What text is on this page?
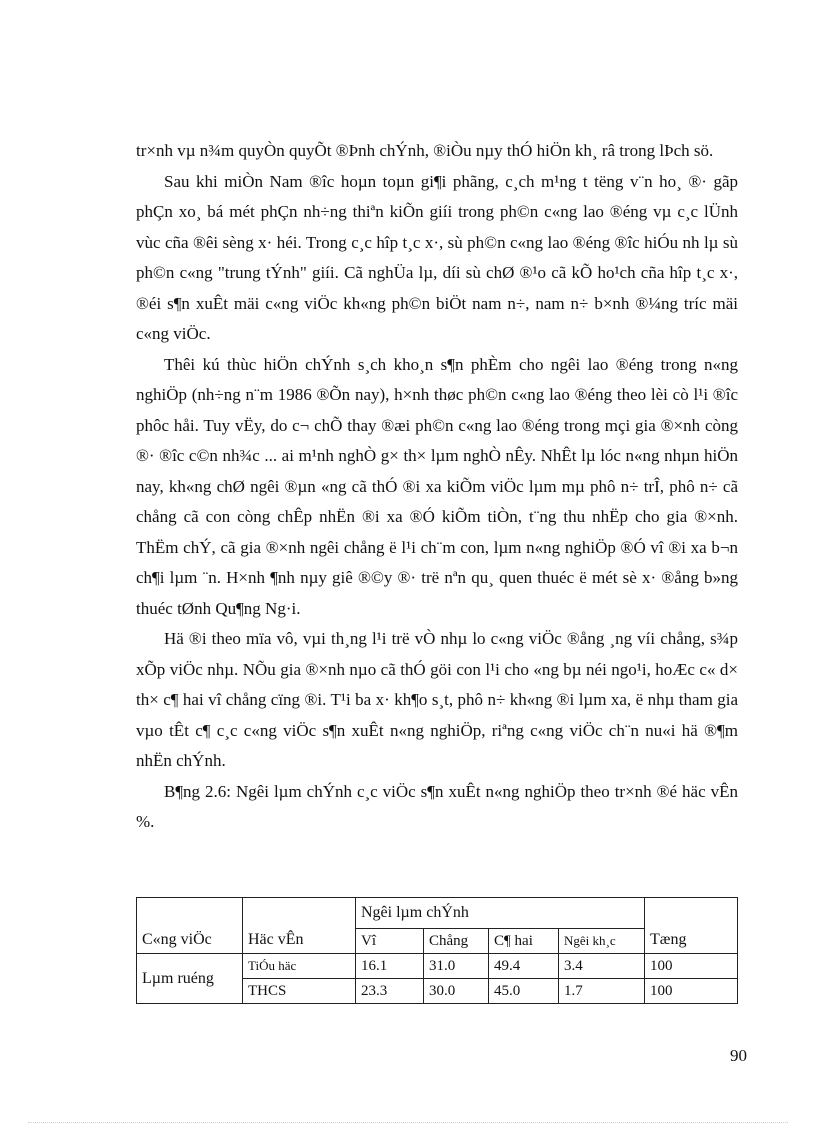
tr×nh vµ n¾m quyÒn quyÕt ®Þnh chÝnh, ®iÒu nµy thÓ hiÖn kh¸ râ trong lÞch sö.

Sau khi miÒn Nam ®îc hoµn toµn gi¶i phãng, c¸ch m¹ng t tëng v¨n ho¸ ®· gãp phÇn xo¸ bá mét phÇn nh÷ng thiªn kiÕn giíi trong ph©n c«ng lao ®éng vµ c¸c lÜnh vùc cña ®êi sèng x· héi. Trong c¸c hîp t¸c x·, sù ph©n c«ng lao ®éng ®îc hiÓu nh lµ sù ph©n c«ng "trung tÝnh" giíi. Cã nghÜa lµ, díi sù chØ ®¹o cã kÕ ho¹ch cña hîp t¸c x·, ®éi s¶n xuÊt mäi c«ng viÖc kh«ng ph©n biÖt nam n÷, nam n÷ b×nh ®¼ng tríc mäi c«ng viÖc.

Thêi kú thùc hiÖn chÝnh s¸ch kho¸n s¶n phÈm cho ngêi lao ®éng trong n«ng nghiÖp (nh÷ng n¨m 1986 ®Õn nay), h×nh thøc ph©n c«ng lao ®éng theo lèi cò l¹i ®îc phôc håi. Tuy vËy, do c¬ chÕ thay ®æi ph©n c«ng lao ®éng trong mçi gia ®×nh còng ®· ®îc c©n nh¾c ... ai m¹nh nghÒ g× th× lµm nghÒ nÊy. NhÊt lµ lóc n«ng nhµn hiÖn nay, kh«ng chØ ngêi ®µn «ng cã thÓ ®i xa kiÕm viÖc lµm mµ phô n÷ trÎ, phô n÷ cã chång cã con còng chÊp nhËn ®i xa ®Ó kiÕm tiÒn, t¨ng thu nhËp cho gia ®×nh. ThËm chÝ, cã gia ®×nh ngêi chång ë l¹i ch¨m con, lµm n«ng nghiÖp ®Ó vî ®i xa b¬n ch¶i lµm ¨n. H×nh ¶nh nµy giê ®©y ®· trë nªn qu¸ quen thuéc ë mét sè x· ®ång b»ng thuéc tØnh Qu¶ng Ng·i.

Hä ®i theo mïa vô, vµi th¸ng l¹i trë vÒ nhµ lo c«ng viÖc ®ång ¸ng víi chång, s¾p xÕp viÖc nhµ. NÕu gia ®×nh nµo cã thÓ göi con l¹i cho «ng bµ néi ngo¹i, hoÆc c« d× th× c¶ hai vî chång cïng ®i. T¹i ba x· kh¶o s¸t, phô n÷ kh«ng ®i lµm xa, ë nhµ tham gia vµo tÊt c¶ c¸c c«ng viÖc s¶n xuÊt n«ng nghiÖp, riªng c«ng viÖc ch¨n nu«i hä ®¶m nhËn chÝnh.

B¶ng 2.6: Ngêi lµm chÝnh c¸c viÖc s¶n xuÊt n«ng nghiÖp theo tr×nh ®é häc vÊn %.

C«ng viÖc	Häc vÊn	Ngêi lµm chÝnh				Tæng
		Vî	Chång	C¶ hai	Ngêi kh¸c	
Lµm ruéng	TiÓu häc	16.1	31.0	49.4	3.4	100
	THCS	23.3	30.0	45.0	1.7	100
90
